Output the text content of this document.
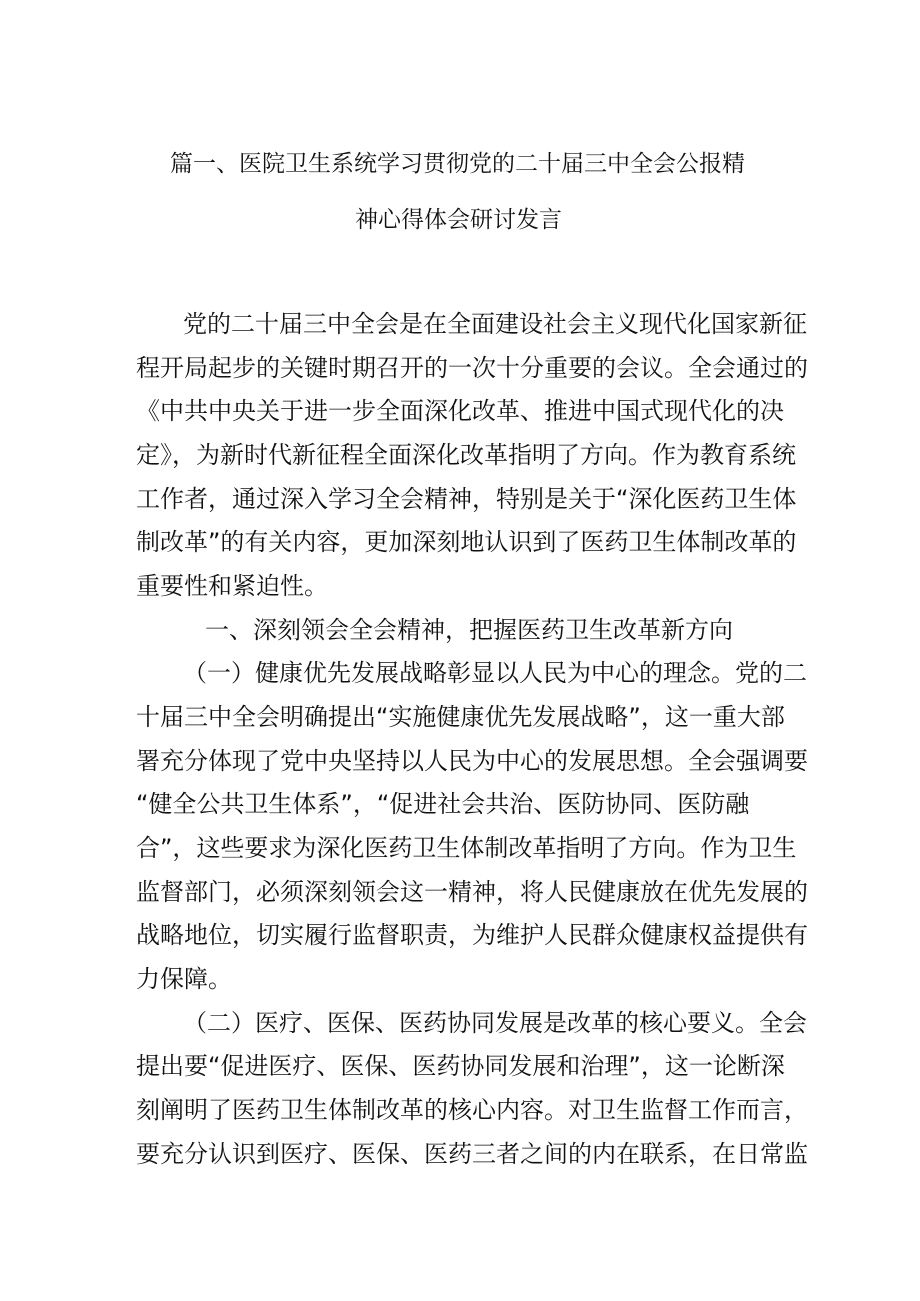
篇一、医院卫生系统学习贯彻党的二十届三中全会公报精
神心得体会研讨发言
党的二十届三中全会是在全面建设社会主义现代化国家新征
程开局起步的关键时期召开的一次十分重要的会议。全会通过的
《中共中央关于进一步全面深化改革、推进中国式现代化的决
定》，为新时代新征程全面深化改革指明了方向。作为教育系统
工作者，通过深入学习全会精神，特别是关于“深化医药卫生体
制改革”的有关内容，更加深刻地认识到了医药卫生体制改革的
重要性和紧迫性。
一、深刻领会全会精神，把握医药卫生改革新方向
（一）健康优先发展战略彰显以人民为中心的理念。党的二
十届三中全会明确提出“实施健康优先发展战略”，这一重大部
署充分体现了党中央坚持以人民为中心的发展思想。全会强调要
“健全公共卫生体系”，“促进社会共治、医防协同、医防融
合”，这些要求为深化医药卫生体制改革指明了方向。作为卫生
监督部门，必须深刻领会这一精神，将人民健康放在优先发展的
战略地位，切实履行监督职责，为维护人民群众健康权益提供有
力保障。
（二）医疗、医保、医药协同发展是改革的核心要义。全会
提出要“促进医疗、医保、医药协同发展和治理”，这一论断深
刻阐明了医药卫生体制改革的核心内容。对卫生监督工作而言，
要充分认识到医疗、医保、医药三者之间的内在联系，在日常监
